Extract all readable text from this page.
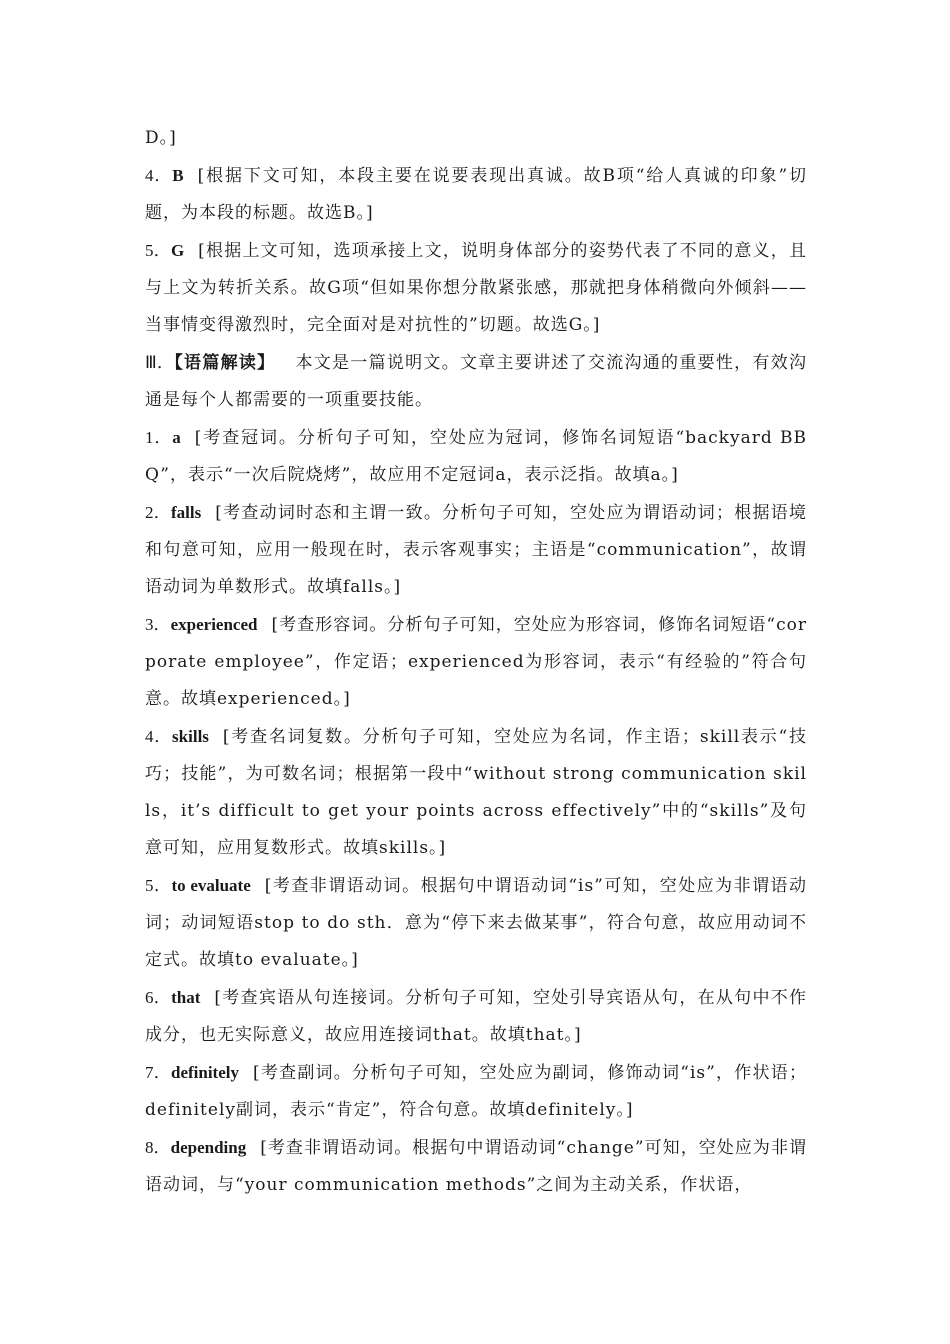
D。]

4．B [根据下文可知，本段主要在说要表现出真诚。故B项“给人真诚的印象”切题，为本段的标题。故选B。]

5．G [根据上文可知，选项承接上文，说明身体部分的姿势代表了不同的意义，且与上文为转折关系。故G项“但如果你想分散紧张感，那就把身体稍微向外倾斜——当事情变得激烈时，完全面对是对抗性的”切题。故选G。]

Ⅲ．【语篇解读】 本文是一篇说明文。文章主要讲述了交流沟通的重要性，有效沟通是每个人都需要的一项重要技能。

1．a [考查冠词。分析句子可知，空处应为冠词，修饰名词短语“backyard BBQ”，表示“一次后院烧烤”，故应用不定冠词a，表示泛指。故填a。]

2．falls [考查动词时态和主谓一致。分析句子可知，空处应为谓语动词；根据语境和句意可知，应用一般现在时，表示客观事实；主语是“communication”，故谓语动词为单数形式。故填falls。]

3．experienced [考查形容词。分析句子可知，空处应为形容词，修饰名词短语“corporate employee”，作定语；experienced为形容词，表示“有经验的”符合句意。故填experienced。]

4．skills [考查名词复数。分析句子可知，空处应为名词，作主语；skill表示“技巧；技能”，为可数名词；根据第一段中“without strong communication skills，it’s difficult to get your points across effectively”中的“skills”及句意可知，应用复数形式。故填skills。]

5．to evaluate [考查非谓语动词。根据句中谓语动词“is”可知，空处应为非谓语动词；动词短语stop to do sth．意为“停下来去做某事”，符合句意，故应用动词不定式。故填to evaluate。]

6．that [考查宾语从句连接词。分析句子可知，空处引导宾语从句，在从句中不作成分，也无实际意义，故应用连接词that。故填that。]

7．definitely [考查副词。分析句子可知，空处应为副词，修饰动词“is”，作状语；definitely副词，表示“肯定”，符合句意。故填definitely。]

8．depending [考查非谓语动词。根据句中谓语动词“change”可知，空处应为非谓语动词，与“your communication methods”之间为主动关系，作状语，
